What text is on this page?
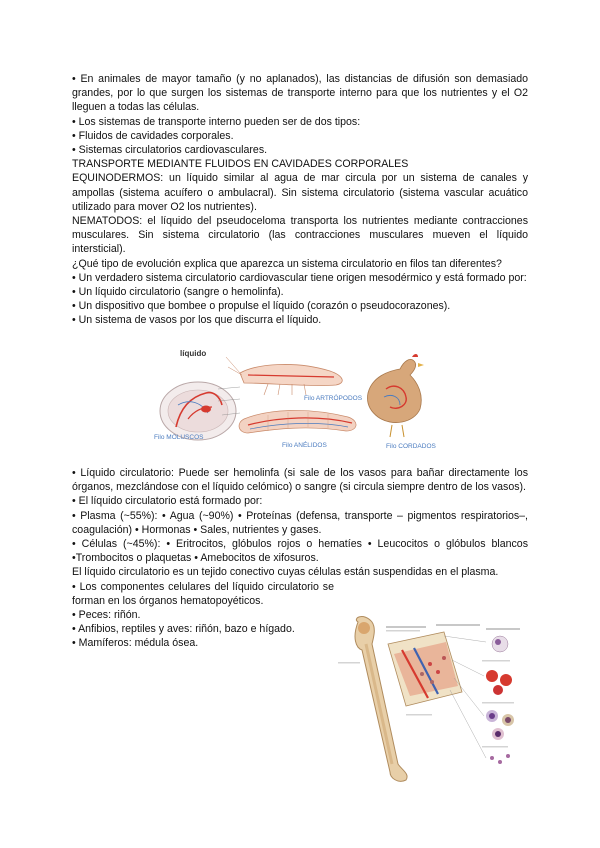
• En animales de mayor tamaño (y no aplanados), las distancias de difusión son demasiado grandes, por lo que surgen los sistemas de transporte interno para que los nutrientes y el O2 lleguen a todas las células.

• Los sistemas de transporte interno pueden ser de dos tipos:

• Fluidos de cavidades corporales.

• Sistemas circulatorios cardiovasculares.

TRANSPORTE MEDIANTE FLUIDOS EN CAVIDADES CORPORALES

EQUINODERMOS: un líquido similar al agua de mar circula por un sistema de canales y ampollas (sistema acuífero o ambulacral). Sin sistema circulatorio (sistema vascular acuático utilizado para mover O2 los nutrientes).

NEMATODOS: el líquido del pseudoceloma transporta los nutrientes mediante contracciones musculares. Sin sistema circulatorio (las contracciones musculares mueven el líquido intersticial).

¿Qué tipo de evolución explica que aparezca un sistema circulatorio en filos tan diferentes?

• Un verdadero sistema circulatorio cardiovascular tiene origen mesodérmico y está formado por:

• Un líquido circulatorio (sangre o hemolinfa).

• Un dispositivo que bombee o propulse el líquido (corazón o pseudocorazones).

• Un sistema de vasos por los que discurra el líquido.

líquido
Filo MOLUSCOS
Filo ARTRÓPODOS
Filo ANÉLIDOS	Filo CORDADOS

• Líquido circulatorio: Puede ser hemolinfa (si sale de los vasos para bañar directamente los órganos, mezclándose con el líquido celómico) o sangre (si circula siempre dentro de los vasos).

• El líquido circulatorio está formado por:

• Plasma (~55%): • Agua (~90%) • Proteínas (defensa, transporte – pigmentos respiratorios–, coagulación) • Hormonas • Sales, nutrientes y gases.

• Células (~45%): • Eritrocitos, glóbulos rojos o hematíes • Leucocitos o glóbulos blancos •Trombocitos o plaquetas • Amebocitos de xifosuros.

El líquido circulatorio es un tejido conectivo cuyas células están suspendidas en el plasma.

• Los componentes celulares del líquido circulatorio se forman en los órganos hematopoyéticos.

• Peces: riñón.

• Anfibios, reptiles y aves: riñón, bazo e hígado.

• Mamíferos: médula ósea.
